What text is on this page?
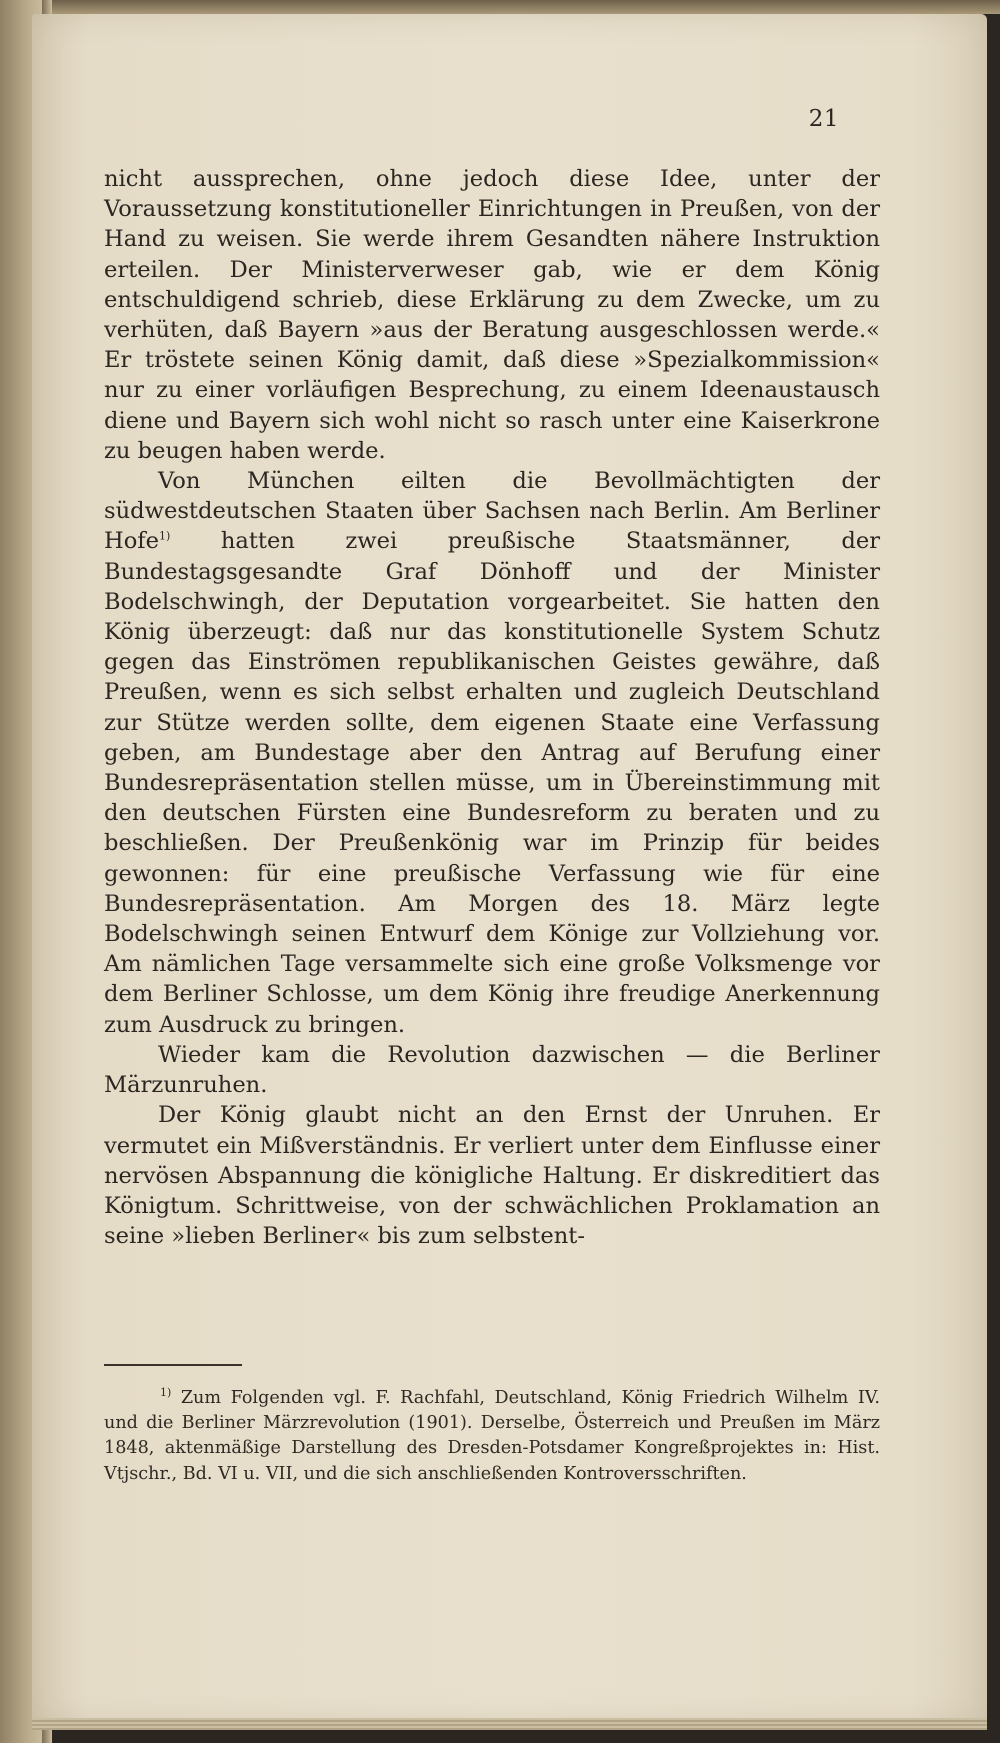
21

nicht aussprechen, ohne jedoch diese Idee, unter der Voraussetzung konstitutioneller Einrichtungen in Preußen, von der Hand zu weisen. Sie werde ihrem Gesandten nähere Instruktion erteilen. Der Ministerverweser gab, wie er dem König entschuldigend schrieb, diese Erklärung zu dem Zwecke, um zu verhüten, daß Bayern »aus der Beratung ausgeschlossen werde.« Er tröstete seinen König damit, daß diese »Spezialkommission« nur zu einer vorläufigen Besprechung, zu einem Ideenaustausch diene und Bayern sich wohl nicht so rasch unter eine Kaiserkrone zu beugen haben werde.

Von München eilten die Bevollmächtigten der südwestdeutschen Staaten über Sachsen nach Berlin. Am Berliner Hofe$^{1)}$ hatten zwei preußische Staatsmänner, der Bundestagsgesandte Graf Dönhoff und der Minister Bodelschwingh, der Deputation vorgearbeitet. Sie hatten den König überzeugt: daß nur das konstitutionelle System Schutz gegen das Einströmen republikanischen Geistes gewähre, daß Preußen, wenn es sich selbst erhalten und zugleich Deutschland zur Stütze werden sollte, dem eigenen Staate eine Verfassung geben, am Bundestage aber den Antrag auf Berufung einer Bundesrepräsentation stellen müsse, um in Übereinstimmung mit den deutschen Fürsten eine Bundesreform zu beraten und zu beschließen. Der Preußenkönig war im Prinzip für beides gewonnen: für eine preußische Verfassung wie für eine Bundesrepräsentation. Am Morgen des 18. März legte Bodelschwingh seinen Entwurf dem Könige zur Vollziehung vor. Am nämlichen Tage versammelte sich eine große Volksmenge vor dem Berliner Schlosse, um dem König ihre freudige Anerkennung zum Ausdruck zu bringen.

Wieder kam die Revolution dazwischen — die Berliner Märzunruhen.

Der König glaubt nicht an den Ernst der Unruhen. Er vermutet ein Mißverständnis. Er verliert unter dem Einflusse einer nervösen Abspannung die königliche Haltung. Er diskreditiert das Königtum. Schrittweise, von der schwächlichen Proklamation an seine »lieben Berliner« bis zum selbstent-

$^{1)}$ Zum Folgenden vgl. F. Rachfahl, Deutschland, König Friedrich Wilhelm IV. und die Berliner Märzrevolution (1901). Derselbe, Österreich und Preußen im März 1848, aktenmäßige Darstellung des Dresden-Potsdamer Kongreßprojektes in: Hist. Vtjschr., Bd. VI u. VII, und die sich anschließenden Kontroversschriften.
